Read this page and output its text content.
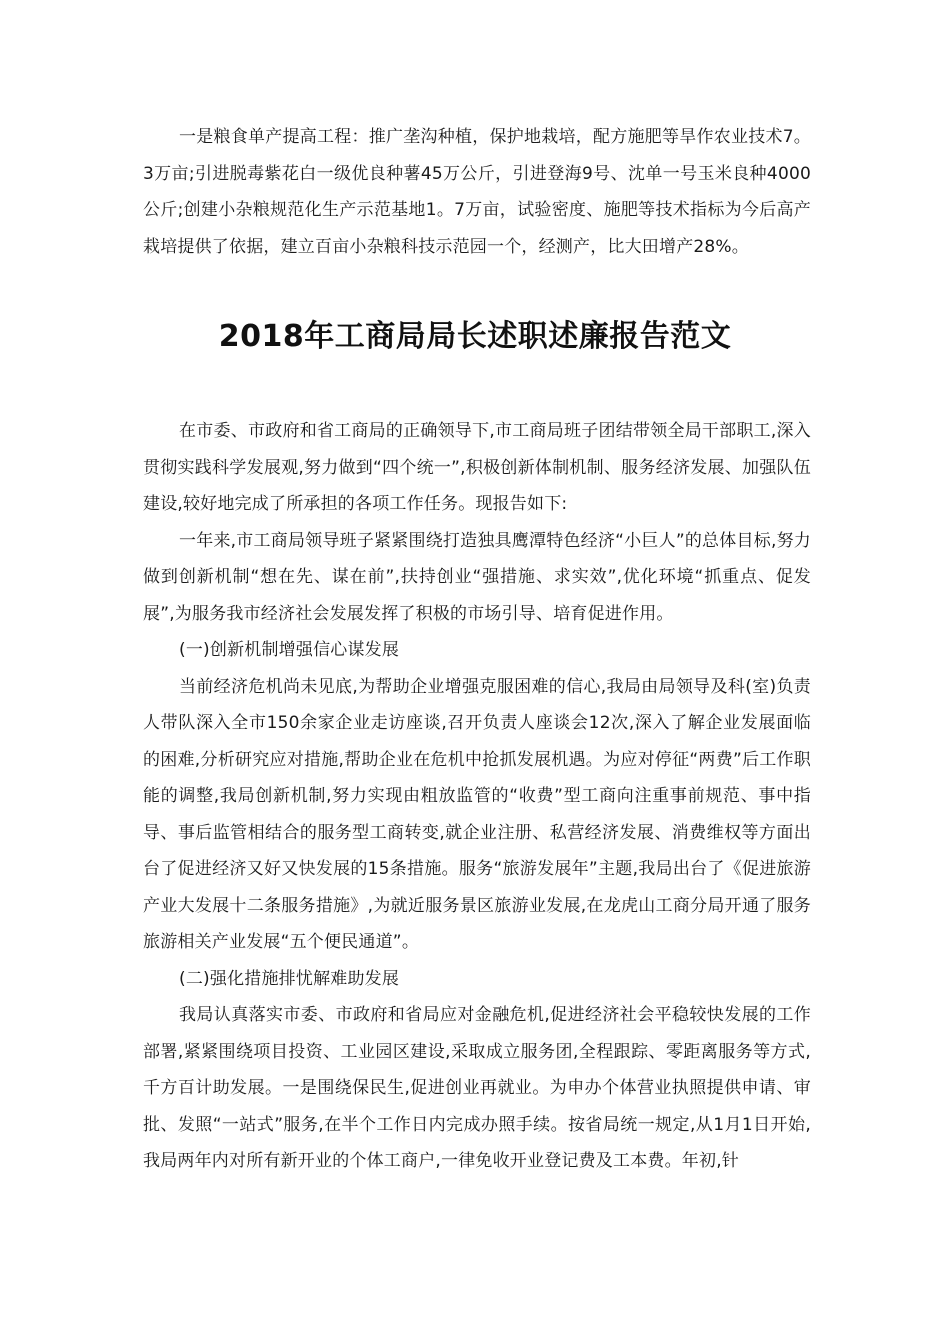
一是粮食单产提高工程：推广垄沟种植，保护地栽培，配方施肥等旱作农业技术7。3万亩;引进脱毒紫花白一级优良种薯45万公斤，引进登海9号、沈单一号玉米良种4000公斤;创建小杂粮规范化生产示范基地1。7万亩，试验密度、施肥等技术指标为今后高产栽培提供了依据，建立百亩小杂粮科技示范园一个，经测产，比大田增产28%。

2018年工商局局长述职述廉报告范文

在市委、市政府和省工商局的正确领导下,市工商局班子团结带领全局干部职工,深入贯彻实践科学发展观,努力做到“四个统一”,积极创新体制机制、服务经济发展、加强队伍建设,较好地完成了所承担的各项工作任务。现报告如下:

一年来,市工商局领导班子紧紧围绕打造独具鹰潭特色经济“小巨人”的总体目标,努力做到创新机制“想在先、谋在前”,扶持创业“强措施、求实效”,优化环境“抓重点、促发展”,为服务我市经济社会发展发挥了积极的市场引导、培育促进作用。

(一)创新机制增强信心谋发展

当前经济危机尚未见底,为帮助企业增强克服困难的信心,我局由局领导及科(室)负责人带队深入全市150余家企业走访座谈,召开负责人座谈会12次,深入了解企业发展面临的困难,分析研究应对措施,帮助企业在危机中抢抓发展机遇。为应对停征“两费”后工作职能的调整,我局创新机制,努力实现由粗放监管的“收费”型工商向注重事前规范、事中指导、事后监管相结合的服务型工商转变,就企业注册、私营经济发展、消费维权等方面出台了促进经济又好又快发展的15条措施。服务“旅游发展年”主题,我局出台了《促进旅游产业大发展十二条服务措施》,为就近服务景区旅游业发展,在龙虎山工商分局开通了服务旅游相关产业发展“五个便民通道”。

(二)强化措施排忧解难助发展

我局认真落实市委、市政府和省局应对金融危机,促进经济社会平稳较快发展的工作部署,紧紧围绕项目投资、工业园区建设,采取成立服务团,全程跟踪、零距离服务等方式,千方百计助发展。一是围绕保民生,促进创业再就业。为申办个体营业执照提供申请、审批、发照“一站式”服务,在半个工作日内完成办照手续。按省局统一规定,从1月1日开始,我局两年内对所有新开业的个体工商户,一律免收开业登记费及工本费。年初,针
